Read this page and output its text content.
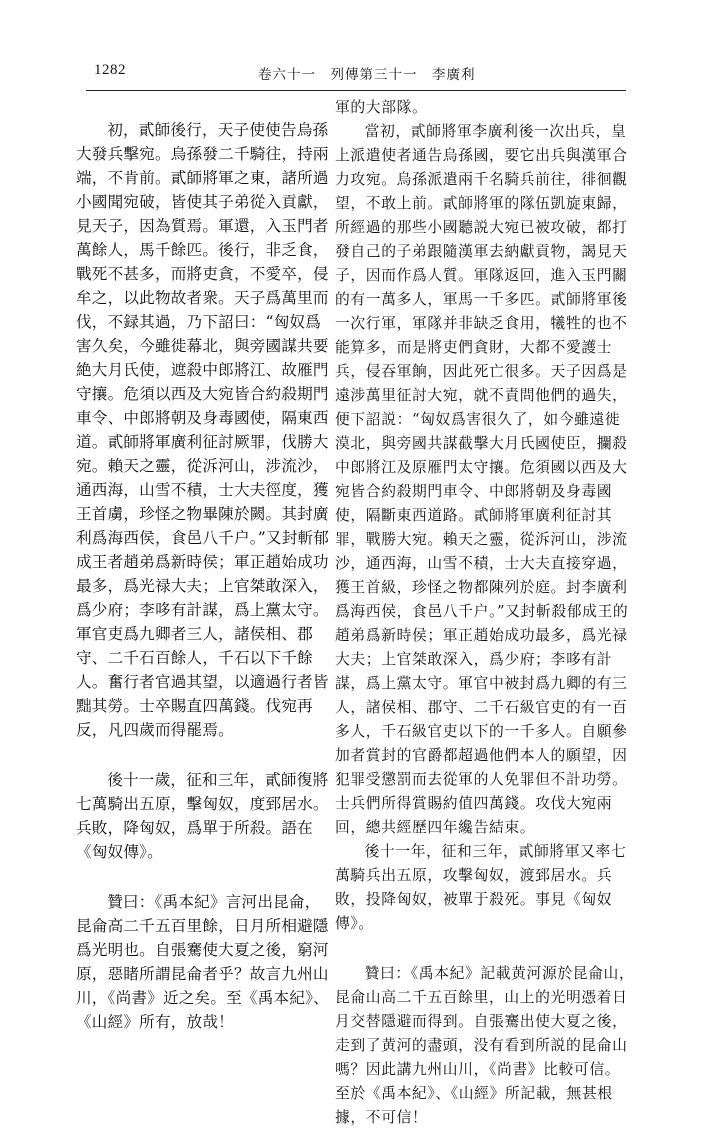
1282	卷六十一　列傳第三十一　李廣利

初，貳師後行，天子使使告烏孫大發兵擊宛。烏孫發二千騎往，持兩端，不肯前。貳師將軍之東，諸所過小國聞宛破，皆使其子弟從入貢獻，見天子，因為質焉。軍還，入玉門者萬餘人，馬千餘匹。後行，非乏食，戰死不甚多，而將吏貪，不愛卒，侵牟之，以此物故者衆。天子爲萬里而伐，不録其過，乃下詔曰：“匈奴爲害久矣，今雖徙幕北，與旁國謀共要絶大月氏使，遮殺中郎將江、故雁門守攘。危須以西及大宛皆合約殺期門車令、中郎將朝及身毒國使，隔東西道。貳師將軍廣利征討厥罪，伐勝大宛。賴天之靈，從泝河山，涉流沙，通西海，山雪不積，士大夫徑度，獲王首虜，珍怪之物畢陳於闕。其封廣利爲海西侯，食邑八千户。”又封斬郁成王者趙弟爲新時侯；軍正趙始成功最多，爲光禄大夫；上官桀敢深入，爲少府；李哆有計謀，爲上黨太守。軍官吏爲九卿者三人，諸侯相、郡守、二千石百餘人，千石以下千餘人。奮行者官過其望，以適過行者皆黜其勞。士卒賜直四萬錢。伐宛再反，凡四歲而得罷焉。

後十一歲，征和三年，貳師復將七萬騎出五原，擊匈奴，度郅居水。兵敗，降匈奴，爲單于所殺。語在《匈奴傳》。

贊曰：《禹本紀》言河出昆侖，昆侖高二千五百里餘，日月所相避隱爲光明也。自張騫使大夏之後，窮河原，惡睹所謂昆侖者乎？故言九州山川，《尚書》近之矣。至《禹本紀》、《山經》所有，放哉！

軍的大部隊。

當初，貳師將軍李廣利後一次出兵，皇上派遣使者通告烏孫國，要它出兵與漢軍合力攻宛。烏孫派遣兩千名騎兵前往，徘徊觀望，不敢上前。貳師將軍的隊伍凱旋東歸，所經過的那些小國聽説大宛已被攻破，都打發自己的子弟跟隨漢軍去納獻貢物，謁見天子，因而作爲人質。軍隊返回，進入玉門關的有一萬多人，軍馬一千多匹。貳師將軍後一次行軍，軍隊并非缺乏食用，犧牲的也不能算多，而是將吏們貪財，大都不愛護士兵，侵吞軍餉，因此死亡很多。天子因爲是遠涉萬里征討大宛，就不責問他們的過失，便下詔説：“匈奴爲害很久了，如今雖遠徙漠北，與旁國共謀截擊大月氏國使臣，攔殺中郎將江及原雁門太守攘。危須國以西及大宛皆合約殺期門車令、中郎將朝及身毒國使，隔斷東西道路。貳師將軍廣利征討其罪，戰勝大宛。賴天之靈，從泝河山，涉流沙，通西海，山雪不積，士大夫直接穿過，獲王首級，珍怪之物都陳列於庭。封李廣利爲海西侯，食邑八千户。”又封斬殺郁成王的趙弟爲新時侯；軍正趙始成功最多，爲光禄大夫；上官桀敢深入，爲少府；李哆有計謀，爲上黨太守。軍官中被封爲九卿的有三人，諸侯相、郡守、二千石級官吏的有一百多人，千石級官吏以下的一千多人。自願參加者賞封的官爵都超過他們本人的願望，因犯罪受懲罰而去從軍的人免罪但不計功勞。士兵們所得賞賜約值四萬錢。攻伐大宛兩回，總共經歷四年纔告結束。

後十一年，征和三年，貳師將軍又率七萬騎兵出五原，攻擊匈奴，渡郅居水。兵敗，投降匈奴，被單于殺死。事見《匈奴傳》。

贊曰：《禹本紀》記載黄河源於昆侖山，昆侖山高二千五百餘里，山上的光明憑着日月交替隱避而得到。自張騫出使大夏之後，走到了黄河的盡頭，没有看到所説的昆侖山嗎？因此講九州山川，《尚書》比較可信。至於《禹本紀》、《山經》所記載，無甚根據，不可信！
